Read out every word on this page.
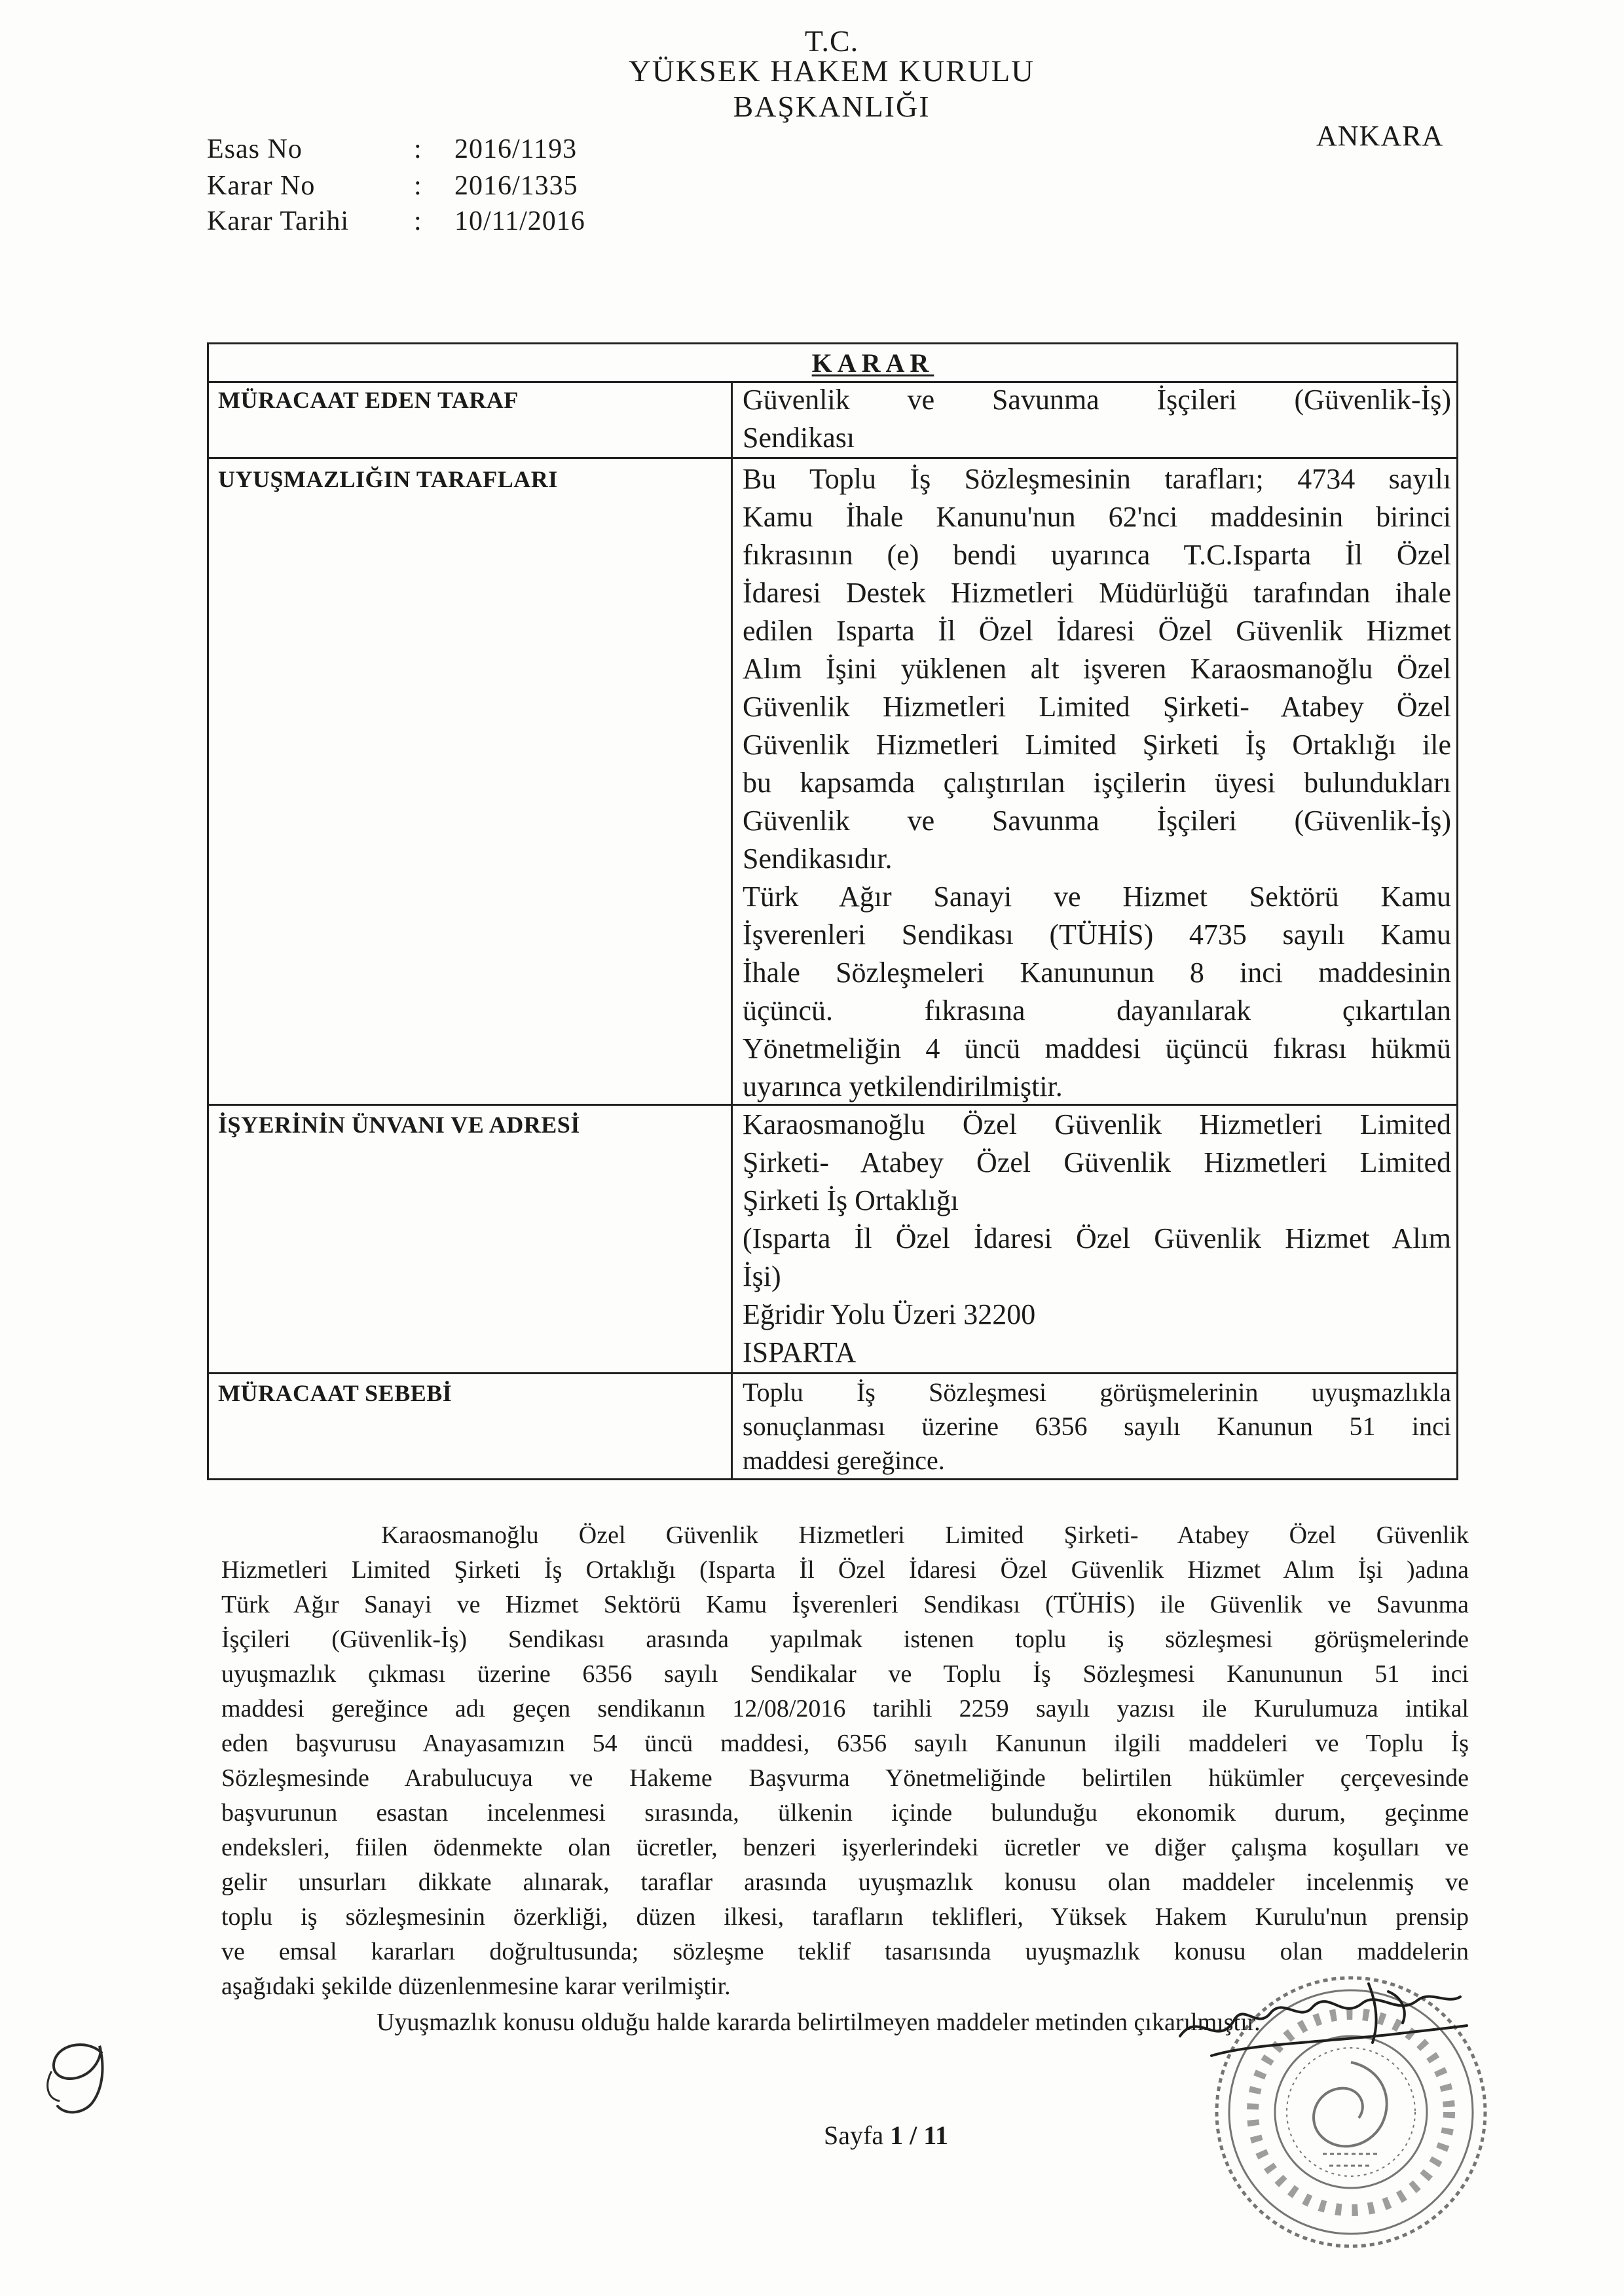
T.C.
YÜKSEK HAKEM KURULU
BAŞKANLIĞI
ANKARA
Esas No	: 2016/1193
Karar No	: 2016/1335
Karar Tarihi : 10/11/2016
KARAR
MÜRACAAT EDEN TARAF	Güvenlik ve Savunma İşçileri (Güvenlik-İş)
Sendikası
UYUŞMAZLIĞIN TARAFLARI	Bu Toplu İş Sözleşmesinin tarafları; 4734 sayılı
Kamu İhale Kanunu'nun 62'nci maddesinin birinci
fıkrasının (e) bendi uyarınca T.C.Isparta İl Özel
İdaresi Destek Hizmetleri Müdürlüğü tarafından ihale
edilen Isparta İl Özel İdaresi Özel Güvenlik Hizmet
Alım İşini yüklenen alt işveren Karaosmanoğlu Özel
Güvenlik Hizmetleri Limited Şirketi- Atabey Özel
Güvenlik Hizmetleri Limited Şirketi İş Ortaklığı ile
bu kapsamda çalıştırılan işçilerin üyesi bulundukları
Güvenlik ve Savunma İşçileri (Güvenlik-İş)
Sendikasıdır.
Türk Ağır Sanayi ve Hizmet Sektörü Kamu
İşverenleri Sendikası (TÜHİS) 4735 sayılı Kamu
İhale Sözleşmeleri Kanununun 8 inci maddesinin
üçüncü. fıkrasına dayanılarak çıkartılan
Yönetmeliğin 4 üncü maddesi üçüncü fıkrası hükmü
uyarınca yetkilendirilmiştir.
İŞYERİNİN ÜNVANI VE ADRESİ	Karaosmanoğlu Özel Güvenlik Hizmetleri Limited
Şirketi- Atabey Özel Güvenlik Hizmetleri Limited
Şirketi İş Ortaklığı
(Isparta İl Özel İdaresi Özel Güvenlik Hizmet Alım
İşi)
Eğridir Yolu Üzeri 32200
ISPARTA
MÜRACAAT SEBEBİ	Toplu İş Sözleşmesi görüşmelerinin uyuşmazlıkla
sonuçlanması üzerine 6356 sayılı Kanunun 51 inci
maddesi gereğince.
Karaosmanoğlu Özel Güvenlik Hizmetleri Limited Şirketi- Atabey Özel Güvenlik
Hizmetleri Limited Şirketi İş Ortaklığı (Isparta İl Özel İdaresi Özel Güvenlik Hizmet Alım İşi )adına
Türk Ağır Sanayi ve Hizmet Sektörü Kamu İşverenleri Sendikası (TÜHİS) ile Güvenlik ve Savunma
İşçileri (Güvenlik-İş) Sendikası arasında yapılmak istenen toplu iş sözleşmesi görüşmelerinde
uyuşmazlık çıkması üzerine 6356 sayılı Sendikalar ve Toplu İş Sözleşmesi Kanununun 51 inci
maddesi gereğince adı geçen sendikanın 12/08/2016 tarihli 2259 sayılı yazısı ile Kurulumuza intikal
eden başvurusu Anayasamızın 54 üncü maddesi, 6356 sayılı Kanunun ilgili maddeleri ve Toplu İş
Sözleşmesinde Arabulucuya ve Hakeme Başvurma Yönetmeliğinde belirtilen hükümler çerçevesinde
başvurunun esastan incelenmesi sırasında, ülkenin içinde bulunduğu ekonomik durum, geçinme
endeksleri, fiilen ödenmekte olan ücretler, benzeri işyerlerindeki ücretler ve diğer çalışma koşulları ve
gelir unsurları dikkate alınarak, taraflar arasında uyuşmazlık konusu olan maddeler incelenmiş ve
toplu iş sözleşmesinin özerkliği, düzen ilkesi, tarafların teklifleri, Yüksek Hakem Kurulu'nun prensip
ve emsal kararları doğrultusunda; sözleşme teklif tasarısında uyuşmazlık konusu olan maddelerin
aşağıdaki şekilde düzenlenmesine karar verilmiştir.
Uyuşmazlık konusu olduğu halde kararda belirtilmeyen maddeler metinden çıkarılmıştır.
Sayfa 1 / 11
